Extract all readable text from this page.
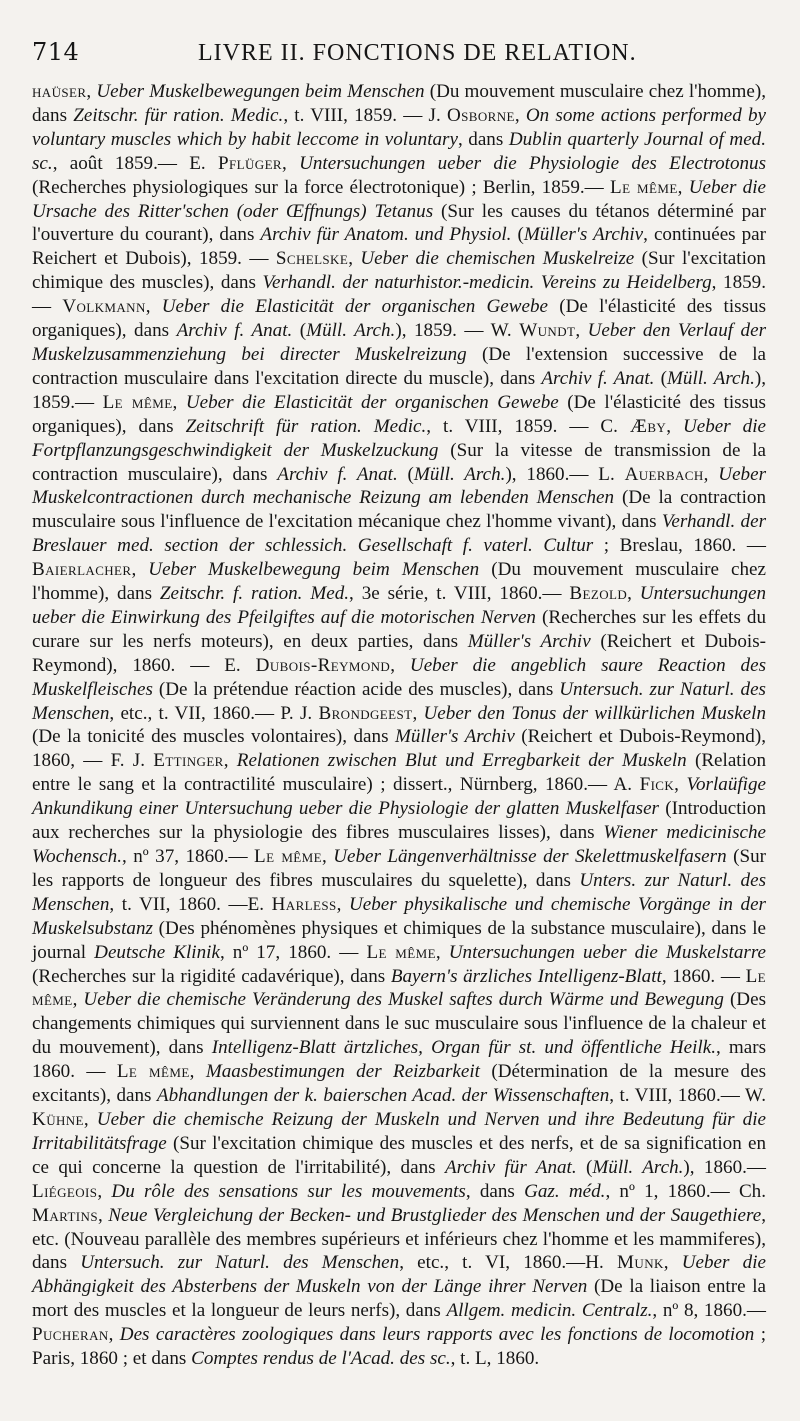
714	LIVRE II. FONCTIONS DE RELATION.
haüser, Ueber Muskelbewegungen beim Menschen (Du mouvement musculaire chez l'homme), dans Zeitschr. für ration. Medic., t. VIII, 1859. — J. Osborne, On some actions performed by voluntary muscles which by habit leccome in voluntary, dans Dublin quarterly Journal of med. sc., août 1859.— E. Pflüger, Untersuchungen ueber die Physiologie des Electrotonus (Recherches physiologiques sur la force électrotonique) ; Berlin, 1859.— Le même, Ueber die Ursache des Ritter'schen (oder Œffnungs) Tetanus (Sur les causes du tétanos déterminé par l'ouverture du courant), dans Archiv für Anatom. und Physiol. (Müller's Archiv, continuées par Reichert et Dubois), 1859. — Schelske, Ueber die chemischen Muskelreize (Sur l'excitation chimique des muscles), dans Verhandl. der naturhistor.-medicin. Vereins zu Heidelberg, 1859. — Volkmann, Ueber die Elasticität der organischen Gewebe (De l'élasticité des tissus organiques), dans Archiv f. Anat. (Müll. Arch.), 1859. — W. Wundt, Ueber den Verlauf der Muskelzusammenziehung bei directer Muskelreizung (De l'extension successive de la contraction musculaire dans l'excitation directe du muscle), dans Archiv f. Anat. (Müll. Arch.), 1859.— Le même, Ueber die Elasticität der organischen Gewebe (De l'élasticité des tissus organiques), dans Zeitschrift für ration. Medic., t. VIII, 1859. — C. Æby, Ueber die Fortpflanzungsgeschwindigkeit der Muskelzuckung (Sur la vitesse de transmission de la contraction musculaire), dans Archiv f. Anat. (Müll. Arch.), 1860.— L. Auerbach, Ueber Muskelcontractionen durch mechanische Reizung am lebenden Menschen (De la contraction musculaire sous l'influence de l'excitation mécanique chez l'homme vivant), dans Verhandl. der Breslauer med. section der schlessich. Gesellschaft f. vaterl. Cultur ; Breslau, 1860. — Baierlacher, Ueber Muskelbewegung beim Menschen (Du mouvement musculaire chez l'homme), dans Zeitschr. f. ration. Med., 3e série, t. VIII, 1860.— Bezold, Untersuchungen ueber die Einwirkung des Pfeilgiftes auf die motorischen Nerven (Recherches sur les effets du curare sur les nerfs moteurs), en deux parties, dans Müller's Archiv (Reichert et Dubois-Reymond), 1860. — E. Dubois-Reymond, Ueber die angeblich saure Reaction des Muskelfleisches (De la prétendue réaction acide des muscles), dans Untersuch. zur Naturl. des Menschen, etc., t. VII, 1860.— P. J. Brondgeest, Ueber den Tonus der willkürlichen Muskeln (De la tonicité des muscles volontaires), dans Müller's Archiv (Reichert et Dubois-Reymond), 1860, — F. J. Ettinger, Relationen zwischen Blut und Erregbarkeit der Muskeln (Relation entre le sang et la contractilité musculaire) ; dissert., Nürnberg, 1860.— A. Fick, Vorlaüfige Ankundikung einer Untersuchung ueber die Physiologie der glatten Muskelfaser (Introduction aux recherches sur la physiologie des fibres musculaires lisses), dans Wiener medicinische Wochensch., nº 37, 1860.— Le même, Ueber Längenverhältnisse der Skelettmuskelfasern (Sur les rapports de longueur des fibres musculaires du squelette), dans Unters. zur Naturl. des Menschen, t. VII, 1860. —E. Harless, Ueber physikalische und chemische Vorgänge in der Muskelsubstanz (Des phénomènes physiques et chimiques de la substance musculaire), dans le journal Deutsche Klinik, nº 17, 1860. — Le même, Untersuchungen ueber die Muskelstarre (Recherches sur la rigidité cadavérique), dans Bayern's ärzliches Intelligenz-Blatt, 1860. — Le même, Ueber die chemische Veränderung des Muskel saftes durch Wärme und Bewegung (Des changements chimiques qui surviennent dans le suc musculaire sous l'influence de la chaleur et du mouvement), dans Intelligenz-Blatt ärtzliches, Organ für st. und öffentliche Heilk., mars 1860. — Le même, Maasbestimungen der Reizbarkeit (Détermination de la mesure des excitants), dans Abhandlungen der k. baierschen Acad. der Wissenschaften, t. VIII, 1860.— W. Kühne, Ueber die chemische Reizung der Muskeln und Nerven und ihre Bedeutung für die Irritabilitätsfrage (Sur l'excitation chimique des muscles et des nerfs, et de sa signification en ce qui concerne la question de l'irritabilité), dans Archiv für Anat. (Müll. Arch.), 1860.— Liégeois, Du rôle des sensations sur les mouvements, dans Gaz. méd., nº 1, 1860.— Ch. Martins, Neue Vergleichung der Becken- und Brustglieder des Menschen und der Saugethiere, etc. (Nouveau parallèle des membres supérieurs et inférieurs chez l'homme et les mammiferes), dans Untersuch. zur Naturl. des Menschen, etc., t. VI, 1860.—H. Munk, Ueber die Abhängigkeit des Absterbens der Muskeln von der Länge ihrer Nerven (De la liaison entre la mort des muscles et la longueur de leurs nerfs), dans Allgem. medicin. Centralz., nº 8, 1860.— Pucheran, Des caractères zoologiques dans leurs rapports avec les fonctions de locomotion ; Paris, 1860 ; et dans Comptes rendus de l'Acad. des sc., t. L, 1860.
